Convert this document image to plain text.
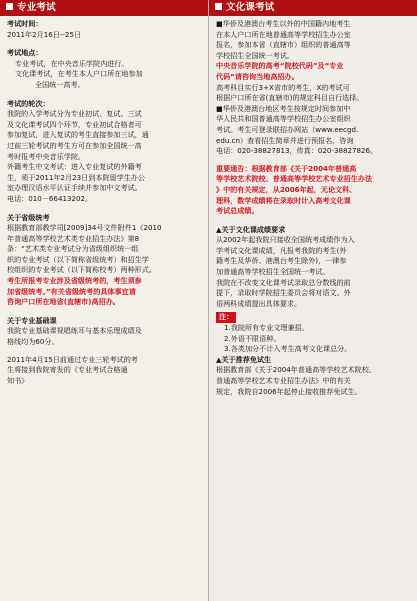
专业考试

考试时间：

2011年2月16日--25日

考试地点：

专业考试，在中央音乐学院内进行。

文化课考试，在考生本人户口所在地参加

全国统一高考。

考试的轮次：

我院的入学考试分为专业初试、复试、三试

及文化课考试四个环节，专业初试合格者可

参加复试，进入复试的考生直接参加三试，通

过前三轮考试的考生方可在参加全国统一高

考时报考中央音乐学院。

外籍考生中文考试：进入专业复试的外籍考

生，须于2011年2月23日到本院留学生办公

室办理汉语水平认证手续并参加中文考试。

电话：010－66413202。

关于省级统考

根据教育部教学司[2009]34号文件附件1《2010

年普通高等学校艺术类专业招生办法》第8

条：“艺术类专业考试分为省级组织统一组

织的专业考试（以下简称省级统考）和招生学

校组织的专业考试（以下简称校考）两种形式。

考生所报考专业涉及省级统考的，考生须参

加省级统考。”有关省级统考的具体事宜请

咨询户口所在地省(直辖市)高招办。

关于专业基础课

我院专业基础课视唱练耳与基本乐理成绩及

格线均为60分。

2011年4月15日前通过专业三轮考试的考

生将接到我院寄发的《专业考试合格通

知书》

文化课考试

■华侨及港澳台考生以外的中国籍内地考生

在本人户口所在地普通高等学校招生办公室

报名，参加本省（直辖市）组织的普通高等

学校招生全国统一考试。

中央音乐学院的高考“院校代码”及“专业

代码”请咨询当地高招办。

高考科目实行3+X省市的考生，X的考试可

根据户口所在省(直辖市)的规定科目自行选择。

■华侨及港澳台地区考生按规定时间参加中

华人民共和国普通高等学校招生办公室组织

考试。考生可登录联招办网站（www.eecgd.

edu.cn）查看招生简章并进行预报名，咨询

电话：020-38827813，传真：020-38827826。

重要通告：根据教育部《关于2004年普通高

等学校艺术院校、普通高等学校艺术专业招生办法

》中的有关规定，从2006年起，无论文科、

理科，数学成绩将在录取时计入高考文化课

考试总成绩。

▲关于文化课成绩要求

从2002年起我院只接收全国统考成绩作为入

学考试文化课成绩，凡报考我院的考生(外

籍考生及华侨、港澳台考生除外)，一律参

加普通高等学校招生全国统一考试。

我院在不改变文化课考试录取总分数线的前

提下，录取时学院招生委员会将对语文、外

语两科成绩提出具体要求。

注：

1.我院所有专业文理兼招。

2.外语不限语种。

3.各类加分不计入考生高考文化课总分。

▲关于推荐免试生

根据教育部《关于2004年普通高等学校艺术院校、

普通高等学校艺术专业招生办法》中的有关

规定，我院自2006年起停止接收推荐免试生。
